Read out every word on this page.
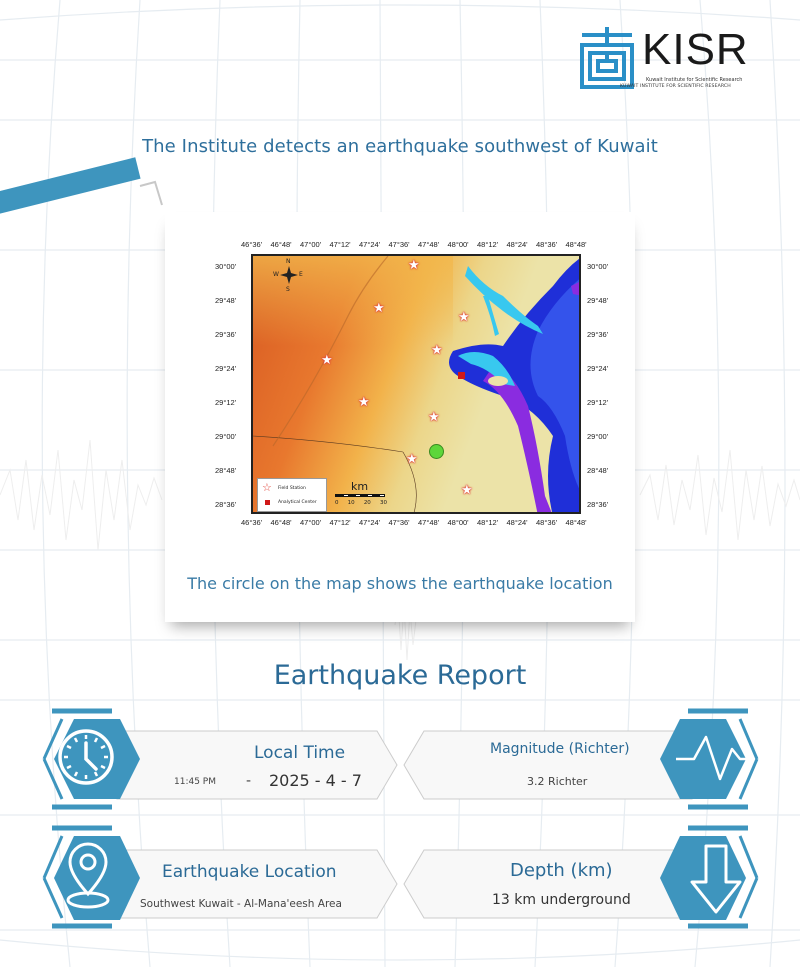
KISR
Kuwait Institute for Scientific Research
KUWAIT INSTITUTE FOR SCIENTIFIC RESEARCH
The Institute detects an earthquake southwest of Kuwait
46°36' 46°48' 47°00' 47°12' 47°24' 47°36' 47°48' 48°00' 48°12' 48°24' 48°36' 48°48'
46°36' 46°48' 47°00' 47°12' 47°24' 47°36' 47°48' 48°00' 48°12' 48°24' 48°36' 48°48'
30°00'
29°48'
29°36'
29°24'
29°12'
29°00'
28°48'
28°36'
30°00'
29°48'
29°36'
29°24'
29°12'
29°00'
28°48'
28°36'
N
S
W	E
★
★
★
★
★
★
★
★
★
☆ Field Station
Analytical Center
km
0 10 20 30
The circle on the map shows the earthquake location
Earthquake Report
Local Time
11:45 PM - 2025 - 4 - 7
Magnitude (Richter)
3.2 Richter
Earthquake Location
Southwest Kuwait - Al-Mana'eesh Area
Depth (km)
13 km underground
